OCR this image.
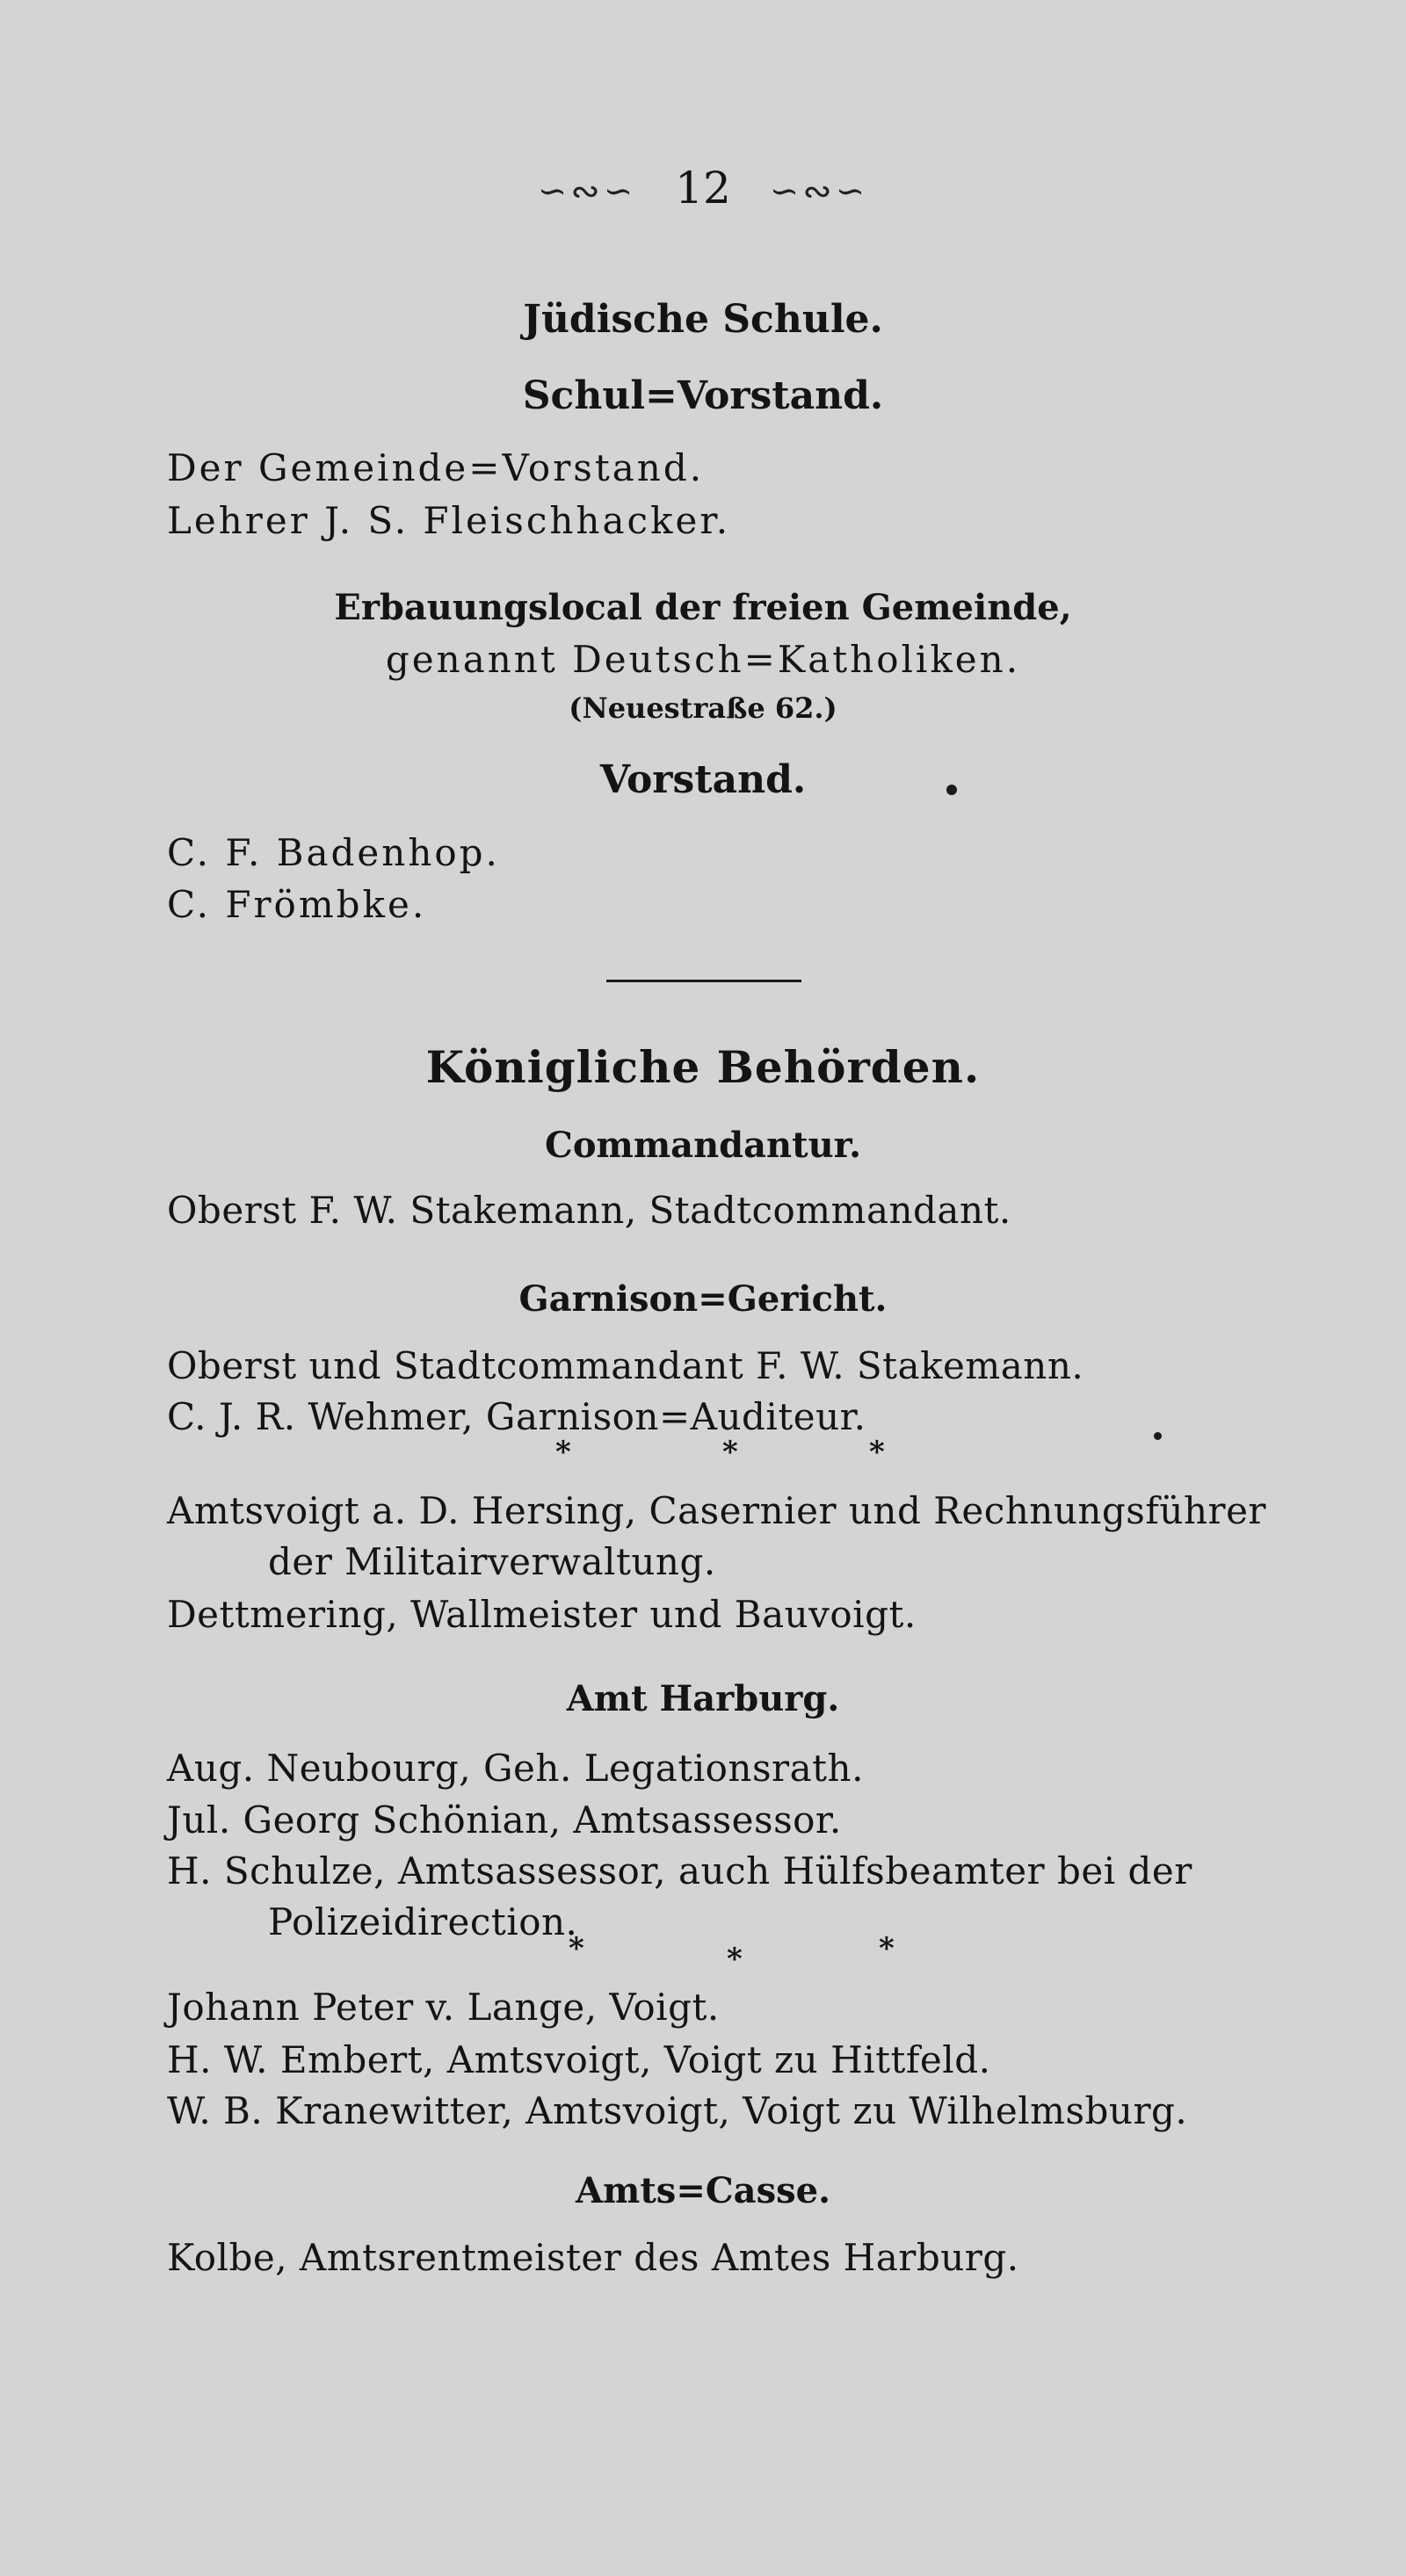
∽∾∽ 12 ∽∾∽
Jüdische Schule.
Schul=Vorstand.
Der Gemeinde=Vorstand.
Lehrer J. S. Fleischhacker.
Erbauungslocal der freien Gemeinde,
genannt Deutsch=Katholiken.
(Neuestraße 62.)
Vorstand.
C. F. Badenhop.
C. Frömbke.
Königliche Behörden.
Commandantur.
Oberst F. W. Stakemann, Stadtcommandant.
Garnison=Gericht.
Oberst und Stadtcommandant F. W. Stakemann.
C. J. R. Wehmer, Garnison=Auditeur.
*	*	*
Amtsvoigt a. D. Hersing, Casernier und Rechnungsführer
der Militairverwaltung.
Dettmering, Wallmeister und Bauvoigt.
Amt Harburg.
Aug. Neubourg, Geh. Legationsrath.
Jul. Georg Schönian, Amtsassessor.
H. Schulze, Amtsassessor, auch Hülfsbeamter bei der
Polizeidirection.
*	*	*
Johann Peter v. Lange, Voigt.
H. W. Embert, Amtsvoigt, Voigt zu Hittfeld.
W. B. Kranewitter, Amtsvoigt, Voigt zu Wilhelmsburg.
Amts=Casse.
Kolbe, Amtsrentmeister des Amtes Harburg.
